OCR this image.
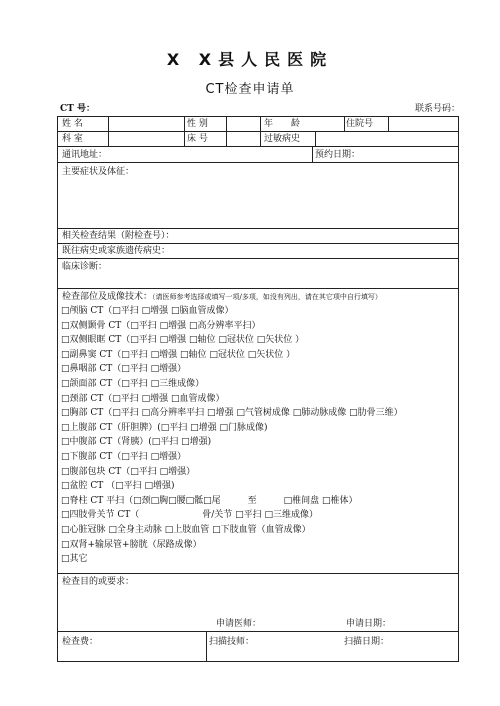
X X县人民医院
CT检查申请单
CT 号：	联系号码：
姓 名	性 别	年　　龄	住院号
科 室	床 号	过敏病史
通讯地址：	预约日期：
主要症状及体征：
相关检查结果（附检查号）：
既往病史或家族遗传病史：
临床诊断：
检查部位及成像技术：（请医师参考选择或填写一项/多项，如没有列出，请在其它项中自行填写）
□颅脑 CT（□平扫 □增强 □脑血管成像）
□双侧颞骨 CT（□平扫 □增强 □高分辨率平扫）
□双侧眼眶 CT（□平扫 □增强 □轴位 □冠状位 □矢状位 ）
□副鼻窦 CT（□平扫 □增强 □轴位 □冠状位 □矢状位 ）
□鼻咽部 CT（□平扫 □增强）
□颌面部 CT（□平扫 □三维成像）
□颈部 CT（□平扫 □增强 □血管成像）
□胸部 CT（□平扫 □高分辨率平扫 □增强 □气管树成像 □肺动脉成像 □肋骨三维）
□上腹部 CT（肝胆脾）(□平扫 □增强 □门脉成像)
□中腹部 CT（肾胰）(□平扫 □增强)
□下腹部 CT（□平扫 □增强）
□腹部包块 CT（□平扫 □增强）
□盆腔 CT （□平扫 □增强)
□脊柱 CT 平扫（□颈□胸□腰□骶□尾　　　至　　　□椎间盘 □椎体）
□四肢骨关节 CT（　　　　　　　骨/关节 □平扫 □三维成像）
□心脏冠脉 □全身主动脉 □上肢血管 □下肢血管（血管成像）
□双肾+输尿管+膀胱（尿路成像）
□其它
检查目的或要求：
申请医师：	申请日期：
检查费：	扫描技师：	扫描日期：
